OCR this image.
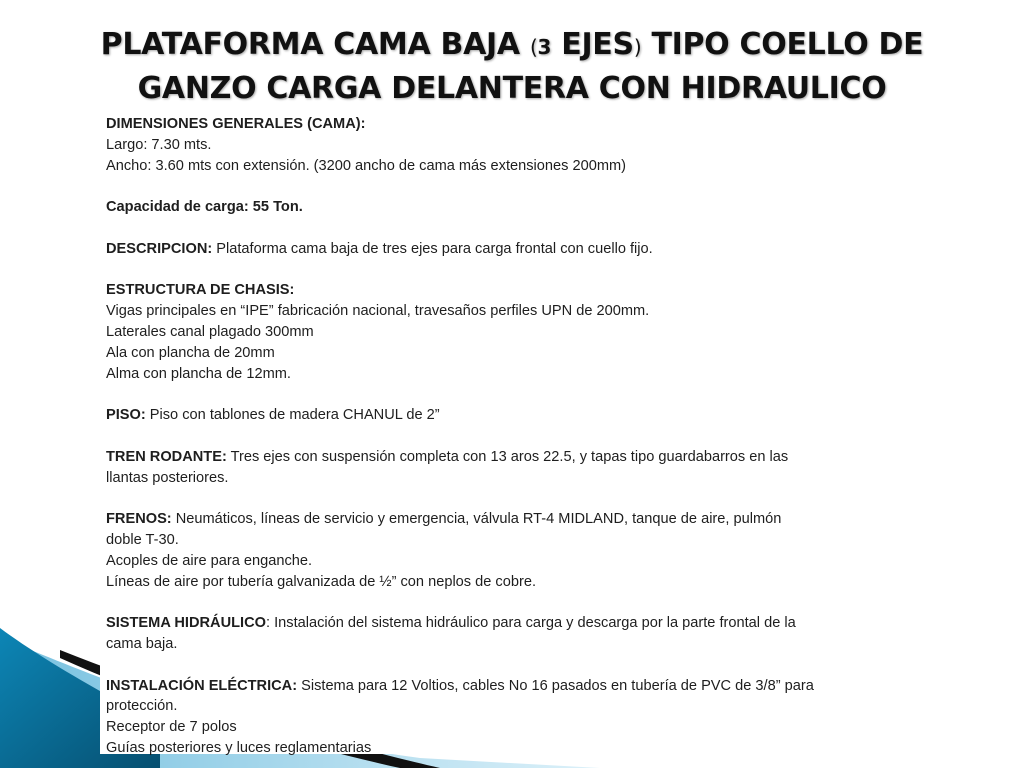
PLATAFORMA CAMA BAJA (3 EJES) TIPO COELLO DE
GANZO CARGA DELANTERA CON HIDRAULICO

DIMENSIONES GENERALES (CAMA):

Largo: 7.30 mts.

Ancho: 3.60 mts con extensión. (3200 ancho de cama más extensiones 200mm)

Capacidad de carga: 55 Ton.

DESCRIPCION: Plataforma cama baja de tres ejes para carga frontal con cuello fijo.

ESTRUCTURA DE CHASIS:

Vigas principales en “IPE” fabricación nacional, travesaños perfiles UPN de 200mm.

Laterales canal plagado 300mm

Ala con plancha de 20mm

Alma con plancha de 12mm.

PISO: Piso con tablones de madera CHANUL de 2”

TREN RODANTE: Tres ejes con suspensión completa con 13 aros 22.5, y tapas tipo guardabarros en las

llantas posteriores.

FRENOS: Neumáticos, líneas de servicio y emergencia, válvula RT-4 MIDLAND, tanque de aire, pulmón

doble T-30.

Acoples de aire para enganche.

Líneas de aire por tubería galvanizada de ½” con neplos de cobre.

SISTEMA HIDRÁULICO: Instalación del sistema hidráulico para carga y descarga por la parte frontal de la

cama baja.

INSTALACIÓN ELÉCTRICA: Sistema para 12 Voltios, cables No 16 pasados en tubería de PVC de 3/8” para

protección.

Receptor de 7 polos

Guías posteriores y luces reglamentarias
